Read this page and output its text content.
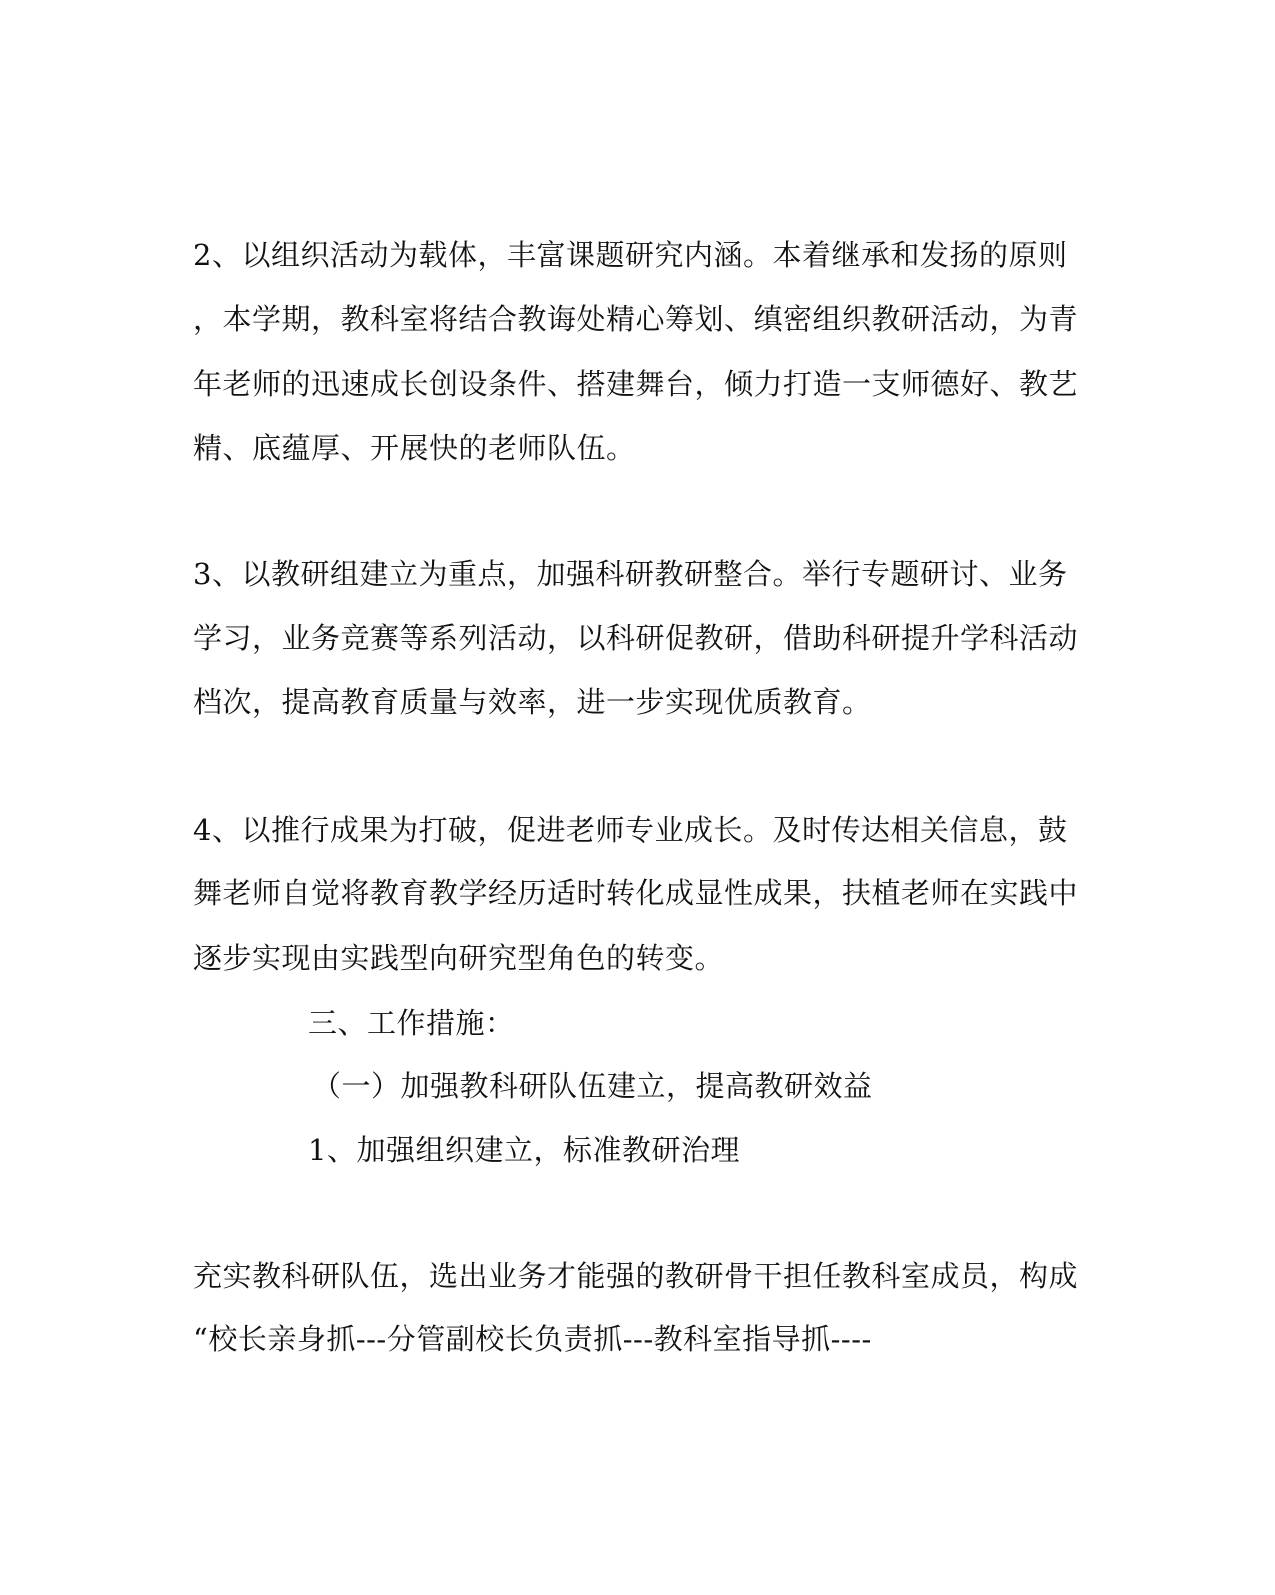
2、以组织活动为载体，丰富课题研究内涵。本着继承和发扬的原则
，本学期，教科室将结合教诲处精心筹划、缜密组织教研活动，为青
年老师的迅速成长创设条件、搭建舞台，倾力打造一支师德好、教艺
精、底蕴厚、开展快的老师队伍。
3、以教研组建立为重点，加强科研教研整合。举行专题研讨、业务
学习，业务竞赛等系列活动，以科研促教研，借助科研提升学科活动
档次，提高教育质量与效率，进一步实现优质教育。
4、以推行成果为打破，促进老师专业成长。及时传达相关信息，鼓
舞老师自觉将教育教学经历适时转化成显性成果，扶植老师在实践中
逐步实现由实践型向研究型角色的转变。
三、工作措施：
（一）加强教科研队伍建立，提高教研效益
1、加强组织建立，标准教研治理
充实教科研队伍，选出业务才能强的教研骨干担任教科室成员，构成
“校长亲身抓---分管副校长负责抓---教科室指导抓----
